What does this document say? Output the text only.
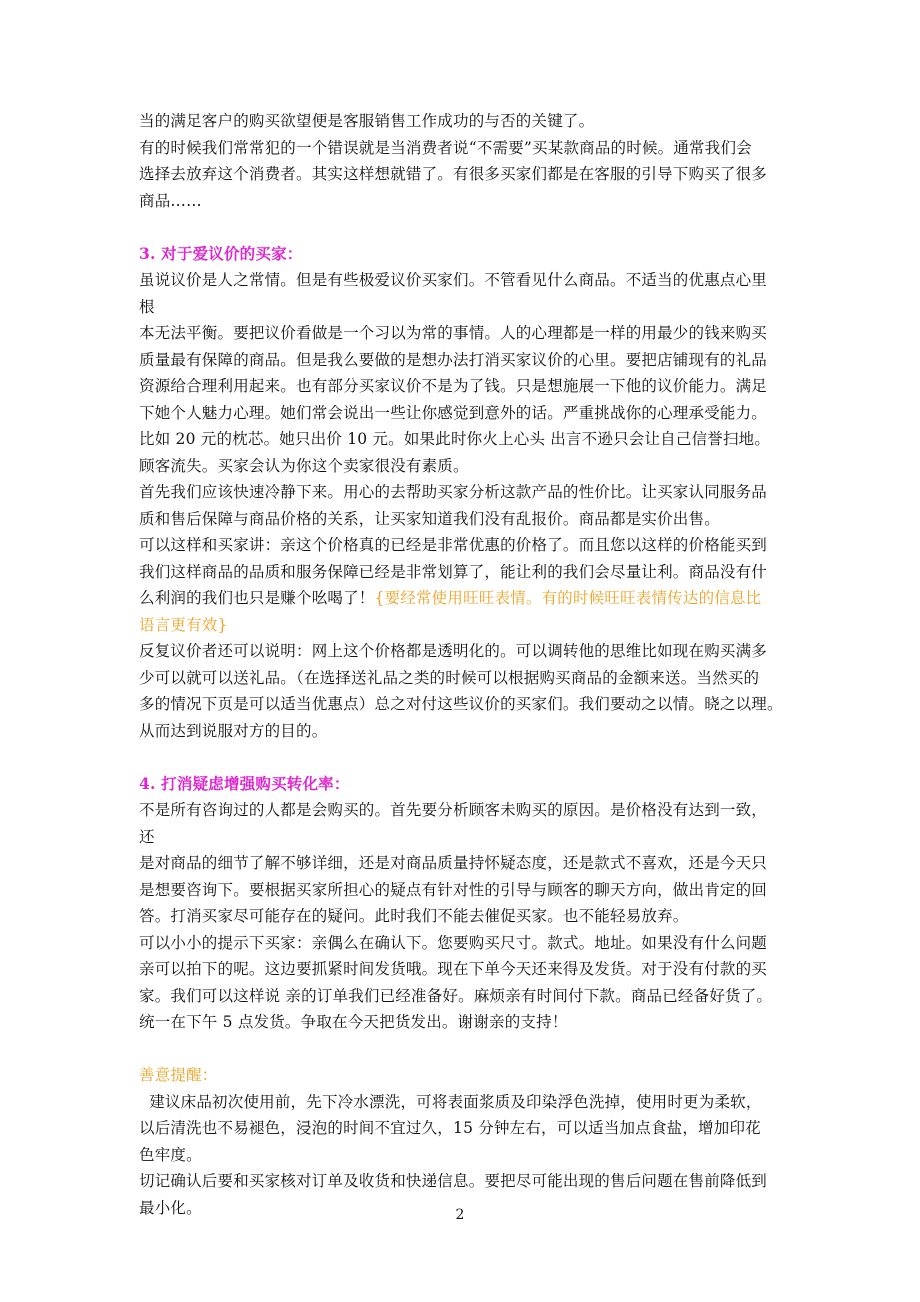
当的满足客户的购买欲望便是客服销售工作成功的与否的关键了。
有的时候我们常常犯的一个错误就是当消费者说“不需要”买某款商品的时候。通常我们会
选择去放弃这个消费者。其实这样想就错了。有很多买家们都是在客服的引导下购买了很多
商品……
3. 对于爱议价的买家：
虽说议价是人之常情。但是有些极爱议价买家们。不管看见什么商品。不适当的优惠点心里
根
本无法平衡。要把议价看做是一个习以为常的事情。人的心理都是一样的用最少的钱来购买
质量最有保障的商品。但是我么要做的是想办法打消买家议价的心里。要把店铺现有的礼品
资源给合理利用起来。也有部分买家议价不是为了钱。只是想施展一下他的议价能力。满足
下她个人魅力心理。她们常会说出一些让你感觉到意外的话。严重挑战你的心理承受能力。
比如 20 元的枕芯。她只出价 10 元。如果此时你火上心头 出言不逊只会让自己信誉扫地。
顾客流失。买家会认为你这个卖家很没有素质。
首先我们应该快速冷静下来。用心的去帮助买家分析这款产品的性价比。让买家认同服务品
质和售后保障与商品价格的关系，让买家知道我们没有乱报价。商品都是实价出售。
可以这样和买家讲：亲这个价格真的已经是非常优惠的价格了。而且您以这样的价格能买到
我们这样商品的品质和服务保障已经是非常划算了，能让利的我们会尽量让利。商品没有什
么利润的我们也只是赚个吆喝了！{要经常使用旺旺表情。有的时候旺旺表情传达的信息比
语言更有效}
反复议价者还可以说明：网上这个价格都是透明化的。可以调转他的思维比如现在购买满多
少可以就可以送礼品。（在选择送礼品之类的时候可以根据购买商品的金额来送。当然买的
多的情况下页是可以适当优惠点）总之对付这些议价的买家们。我们要动之以情。晓之以理。
从而达到说服对方的目的。
4. 打消疑虑增强购买转化率：
不是所有咨询过的人都是会购买的。首先要分析顾客未购买的原因。是价格没有达到一致，
还
是对商品的细节了解不够详细，还是对商品质量持怀疑态度，还是款式不喜欢，还是今天只
是想要咨询下。要根据买家所担心的疑点有针对性的引导与顾客的聊天方向，做出肯定的回
答。打消买家尽可能存在的疑问。此时我们不能去催促买家。也不能轻易放弃。
可以小小的提示下买家：亲偶么在确认下。您要购买尺寸。款式。地址。如果没有什么问题
亲可以拍下的呢。这边要抓紧时间发货哦。现在下单今天还来得及发货。对于没有付款的买
家。我们可以这样说 亲的订单我们已经准备好。麻烦亲有时间付下款。商品已经备好货了。
统一在下午 5 点发货。争取在今天把货发出。谢谢亲的支持！
善意提醒：
建议床品初次使用前，先下冷水漂洗，可将表面浆质及印染浮色洗掉，使用时更为柔软，
以后清洗也不易褪色，浸泡的时间不宜过久，15 分钟左右，可以适当加点食盐，增加印花
色牢度。
切记确认后要和买家核对订单及收货和快递信息。要把尽可能出现的售后问题在售前降低到
最小化。	2
